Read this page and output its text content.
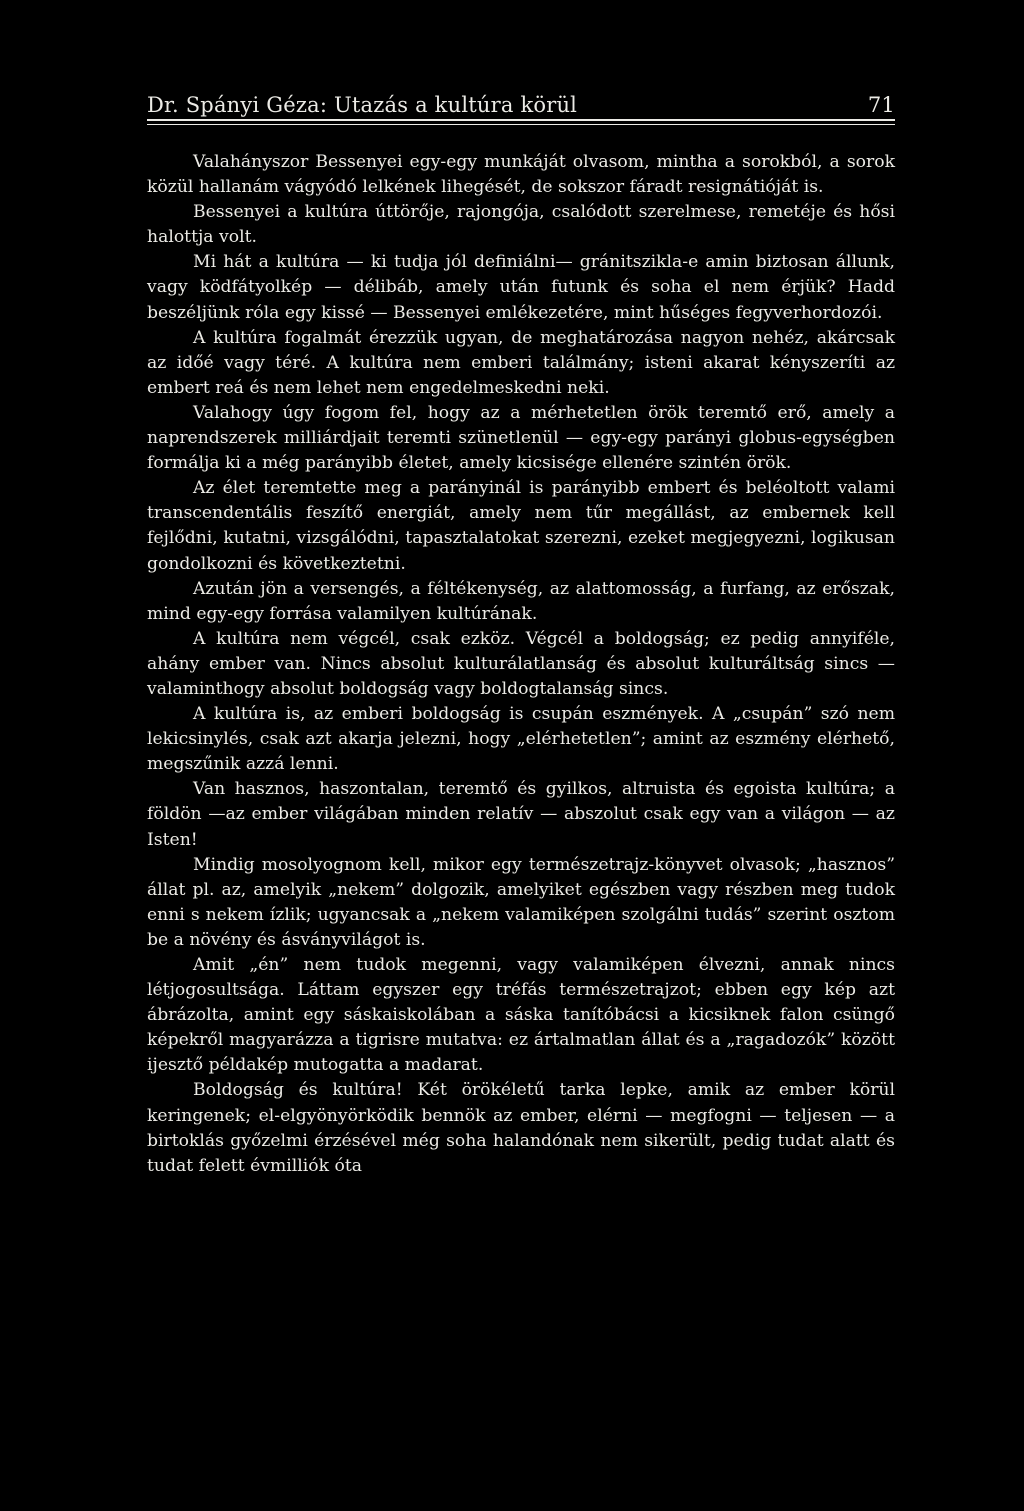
Dr. Spányi Géza: Utazás a kultúra körül	71

Valahányszor Bessenyei egy-egy munkáját olvasom, mintha a sorokból, a sorok közül hallanám vágyódó lelkének lihegését, de sokszor fáradt resignátióját is.

Bessenyei a kultúra úttörője, rajongója, csalódott szerelmese, remetéje és hősi halottja volt.

Mi hát a kultúra — ki tudja jól definiálni— gránitszikla-e amin biztosan állunk, vagy ködfátyolkép — délibáb, amely után futunk és soha el nem érjük? Hadd beszéljünk róla egy kissé — Bessenyei emlékezetére, mint hűséges fegyverhordozói.

A kultúra fogalmát érezzük ugyan, de meghatározása nagyon nehéz, akárcsak az időé vagy téré. A kultúra nem emberi találmány; isteni akarat kényszeríti az embert reá és nem lehet nem engedelmeskedni neki.

Valahogy úgy fogom fel, hogy az a mérhetetlen örök teremtő erő, amely a naprendszerek milliárdjait teremti szünetlenül — egy-egy parányi globus-egységben formálja ki a még parányibb életet, amely kicsisége ellenére szintén örök.

Az élet teremtette meg a parányinál is parányibb embert és beléoltott valami transcendentális feszítő energiát, amely nem tűr megállást, az embernek kell fejlődni, kutatni, vizsgálódni, tapasztalatokat szerezni, ezeket megjegyezni, logikusan gondolkozni és következtetni.

Azután jön a versengés, a féltékenység, az alattomosság, a furfang, az erőszak, mind egy-egy forrása valamilyen kultúrának.

A kultúra nem végcél, csak ezköz. Végcél a boldogság; ez pedig annyiféle, ahány ember van. Nincs absolut kulturálatlanság és absolut kulturáltság sincs — valaminthogy absolut boldogság vagy boldogtalanság sincs.

A kultúra is, az emberi boldogság is csupán eszmények. A „csupán” szó nem lekicsinylés, csak azt akarja jelezni, hogy „elérhetetlen”; amint az eszmény elérhető, megszűnik azzá lenni.

Van hasznos, haszontalan, teremtő és gyilkos, altruista és egoista kultúra; a földön —az ember világában minden relatív — abszolut csak egy van a világon — az Isten!

Mindig mosolyognom kell, mikor egy természetrajz-könyvet olvasok; „hasznos” állat pl. az, amelyik „nekem” dolgozik, amelyiket egészben vagy részben meg tudok enni s nekem ízlik; ugyancsak a „nekem valamiképen szolgálni tudás” szerint osztom be a növény és ásványvilágot is.

Amit „én” nem tudok megenni, vagy valamiképen élvezni, annak nincs létjogosultsága. Láttam egyszer egy tréfás természetrajzot; ebben egy kép azt ábrázolta, amint egy sáskaiskolában a sáska tanítóbácsi a kicsiknek falon csüngő képekről magyarázza a tigrisre mutatva: ez ártalmatlan állat és a „ragadozók” között ijesztő példakép mutogatta a madarat.

Boldogság és kultúra! Két örökéletű tarka lepke, amik az ember körül keringenek; el-elgyönyörködik bennök az ember, elérni — megfogni — teljesen — a birtoklás győzelmi érzésével még soha halandónak nem sikerült, pedig tudat alatt és tudat felett évmilliók óta
